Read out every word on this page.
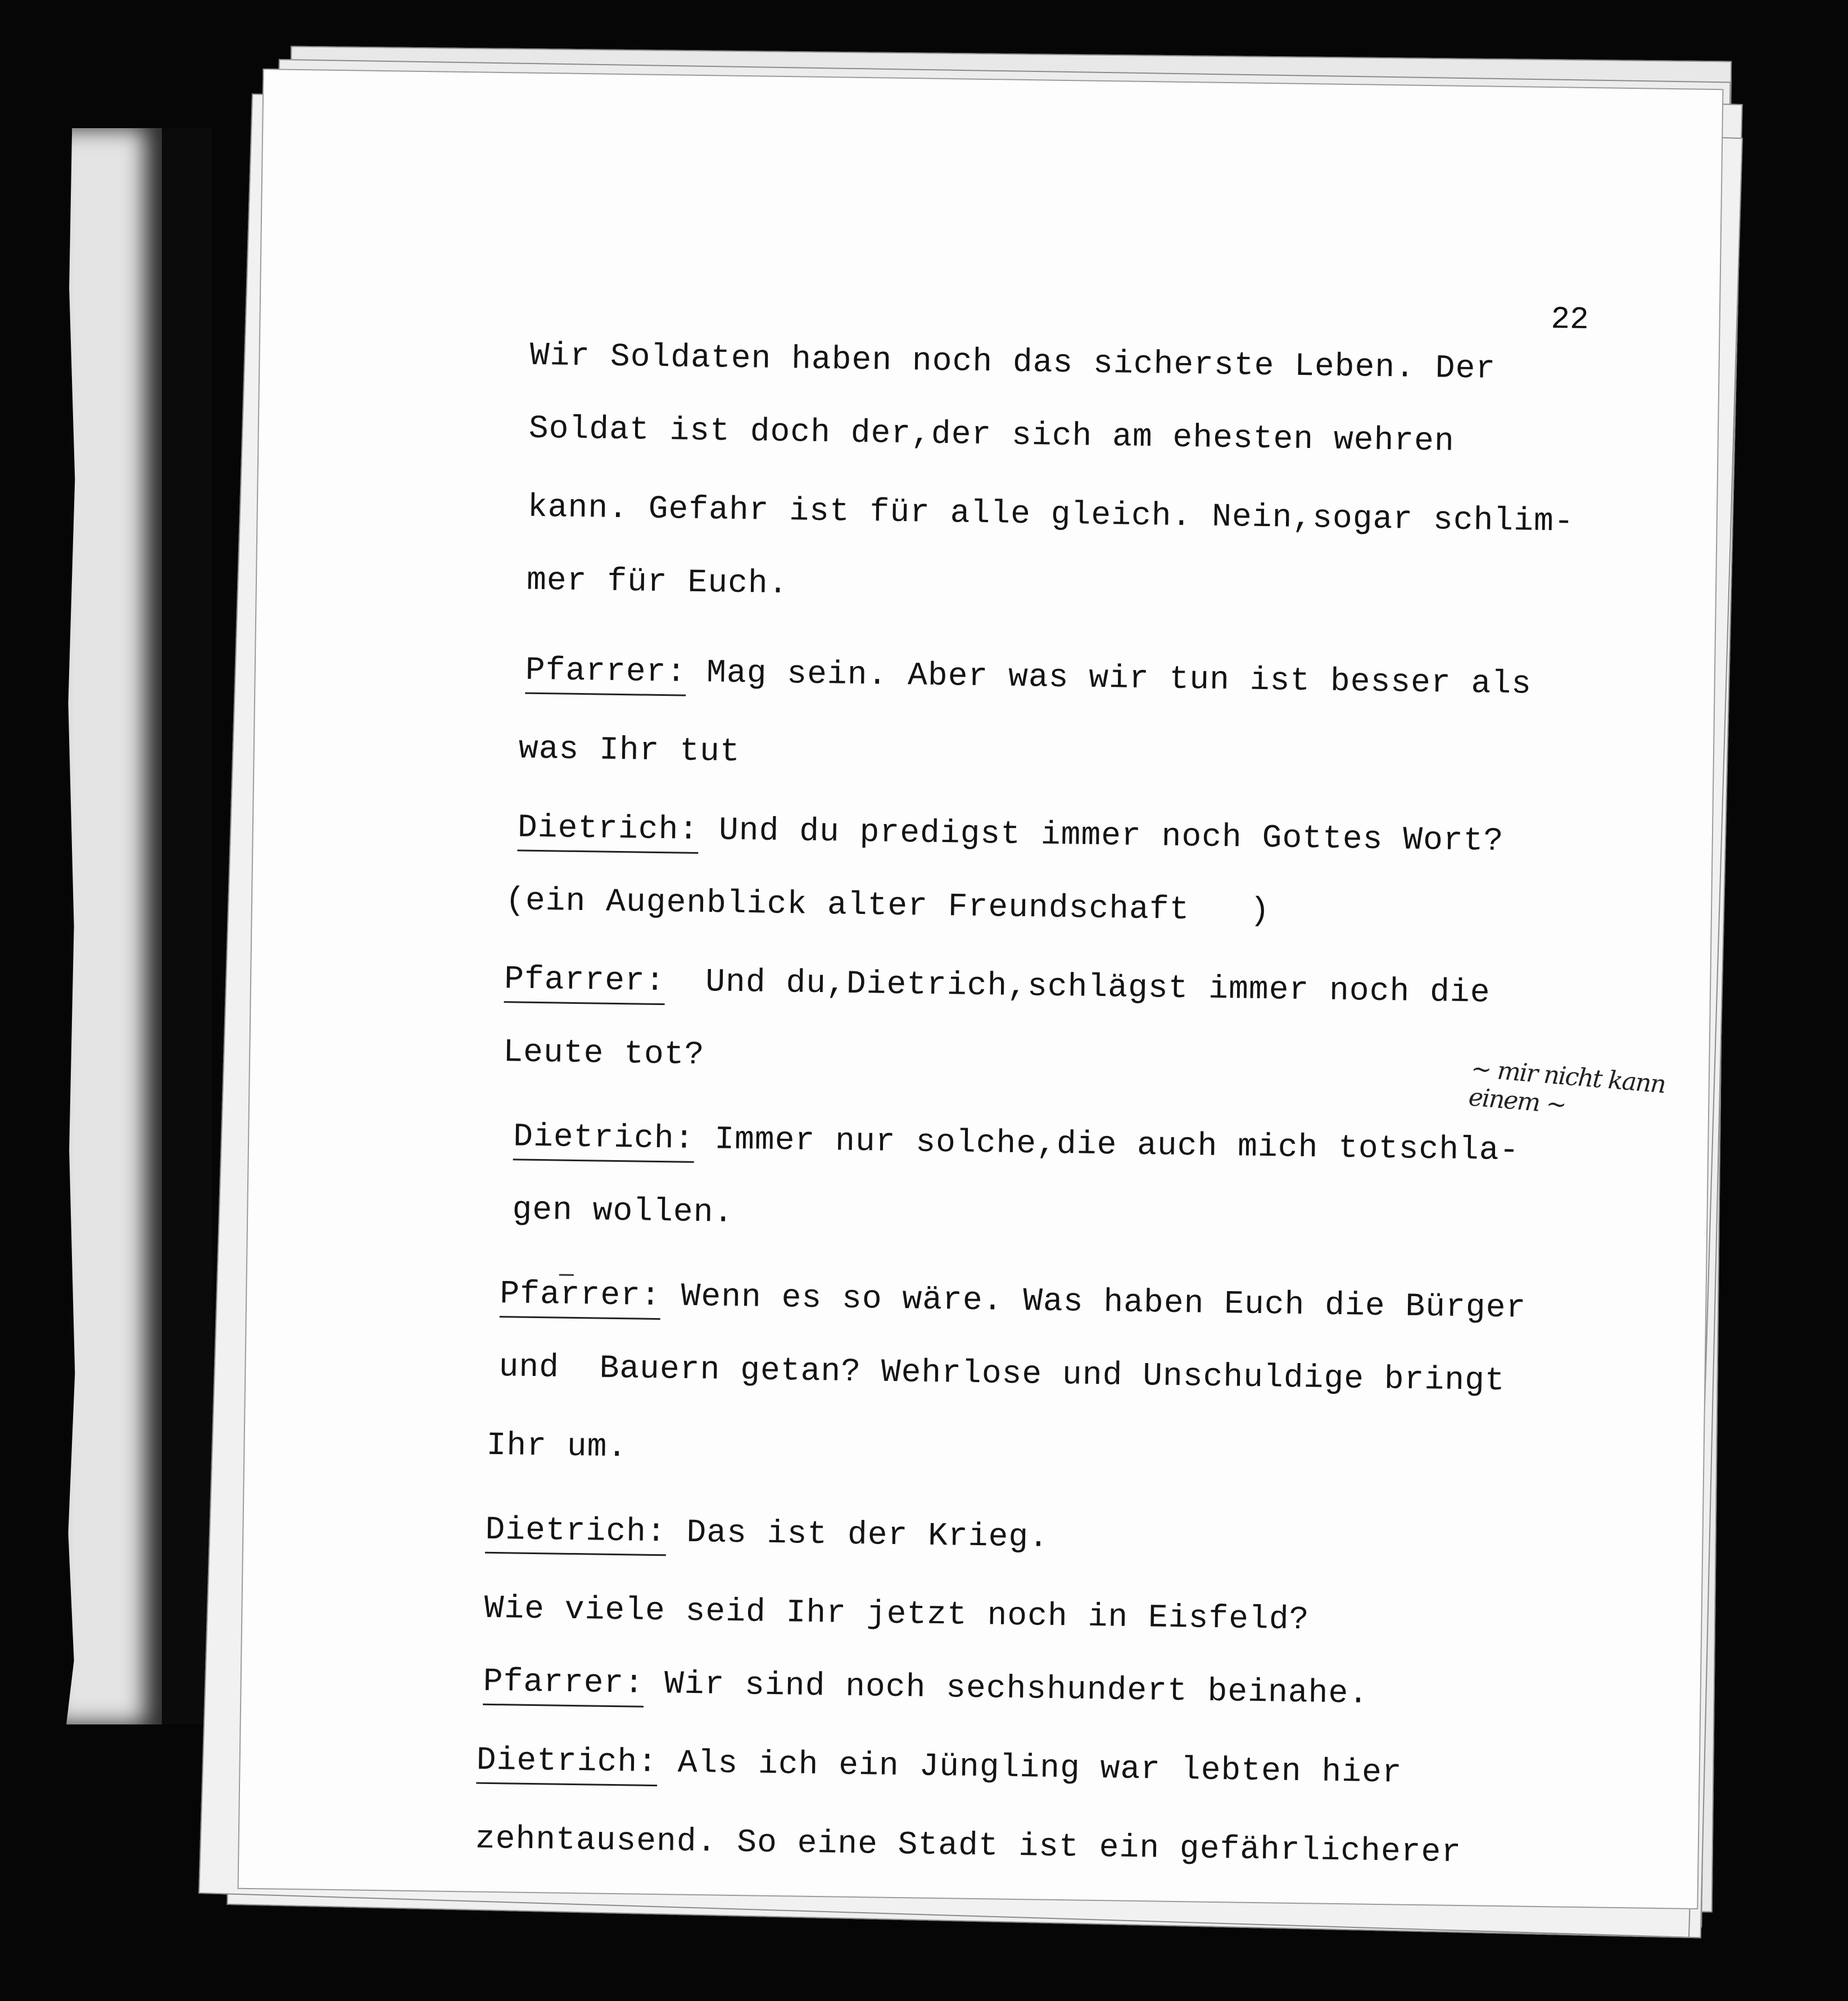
22
Wir Soldaten haben noch das sicherste Leben. Der
Soldat ist doch der,der sich am ehesten wehren
kann. Gefahr ist für alle gleich. Nein,sogar schlim-
mer für Euch.
Pfarrer: Mag sein. Aber was wir tun ist besser als
was Ihr tut
Dietrich: Und du predigst immer noch Gottes Wort?
(ein Augenblick alter Freundschaft   )
Pfarrer:  Und du,Dietrich,schlägst immer noch die
Leute tot?
Dietrich: Immer nur solche,die auch mich totschla-
gen wollen.
Pfarrer: Wenn es so wäre. Was haben Euch die Bürger
und  Bauern getan? Wehrlose und Unschuldige bringt
Ihr um.
Dietrich: Das ist der Krieg.
Wie viele seid Ihr jetzt noch in Eisfeld?
Pfarrer: Wir sind noch sechshundert beinahe.
Dietrich: Als ich ein Jüngling war lebten hier
zehntausend. So eine Stadt ist ein gefährlicherer
~ mir nicht kann einem ~
